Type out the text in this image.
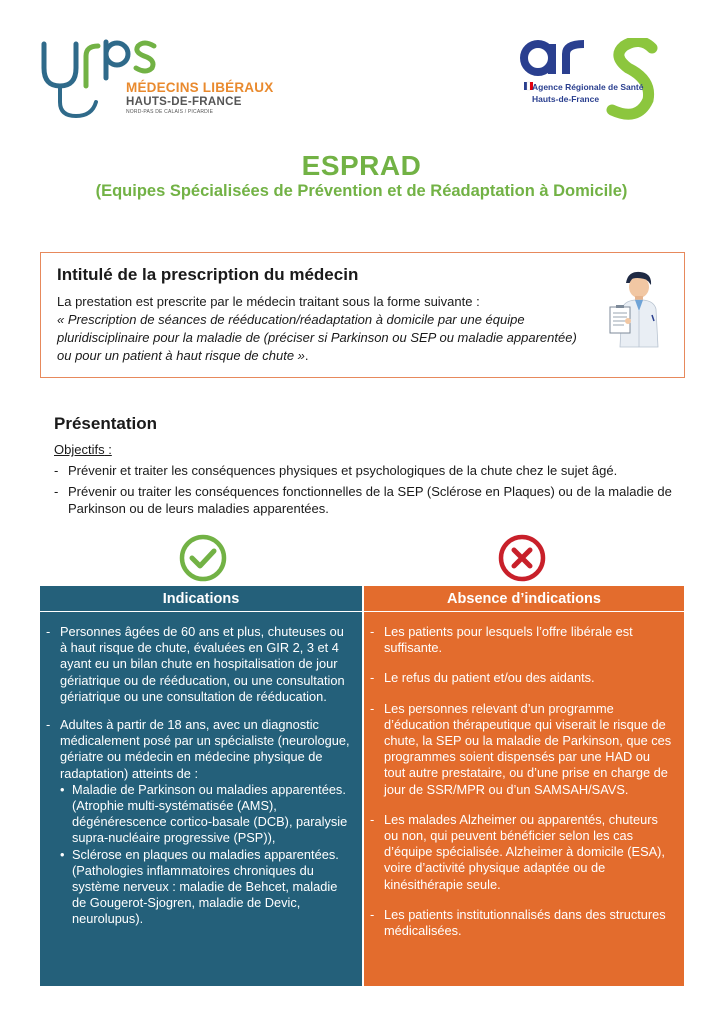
MÉDECINS LIBÉRAUX
HAUTS-DE-FRANCE
NORD-PAS DE CALAIS / PICARDIE
Agence Régionale de Santé
Hauts-de-France
ESPRAD
(Equipes Spécialisées de Prévention et de Réadaptation à Domicile)
Intitulé de la prescription du médecin
La prestation est prescrite par le médecin traitant sous la forme suivante :
« Prescription de séances de rééducation/réadaptation à domicile par une équipe pluridisciplinaire pour la maladie de (préciser si Parkinson ou SEP ou maladie apparentée) ou pour un patient à haut risque de chute ».
Présentation
Objectifs :
- Prévenir et traiter les conséquences physiques et psychologiques de la chute chez le sujet âgé.
- Prévenir ou traiter les conséquences fonctionnelles de la SEP (Sclérose en Plaques) ou de la maladie de Parkinson ou de leurs maladies apparentées.
Indications
- Personnes âgées de 60 ans et plus, chuteuses ou à haut risque de chute, évaluées en GIR 2, 3 et 4 ayant eu un bilan chute en hospitalisation de jour gériatrique ou de rééducation, ou une consultation gériatrique ou une consultation de rééducation.
- Adultes à partir de 18 ans, avec un diagnostic médicalement posé par un spécialiste (neurologue, gériatre ou médecin en médecine physique de radaptation) atteints de :
• Maladie de Parkinson ou maladies apparentées.
(Atrophie multi-systématisée (AMS), dégénérescence cortico-basale (DCB), paralysie supra-nucléaire progressive (PSP)),
• Sclérose en plaques ou maladies apparentées.
(Pathologies inflammatoires chroniques du système nerveux : maladie de Behcet, maladie de Gougerot-Sjogren, maladie de Devic, neurolupus).
Absence d’indications
- Les patients pour lesquels l’offre libérale est suffisante.
- Le refus du patient et/ou des aidants.
- Les personnes relevant d’un programme d’éducation thérapeutique qui viserait le risque de chute, la SEP ou la maladie de Parkinson, que ces programmes soient dispensés par une HAD ou tout autre prestataire, ou d’une prise en charge de jour de SSR/MPR ou d’un SAMSAH/SAVS.
- Les malades Alzheimer ou apparentés, chuteurs ou non, qui peuvent bénéficier selon les cas d’équipe spécialisée. Alzheimer à domicile (ESA), voire d’activité physique adaptée ou de kinésithérapie seule.
- Les patients institutionnalisés dans des structures médicalisées.
